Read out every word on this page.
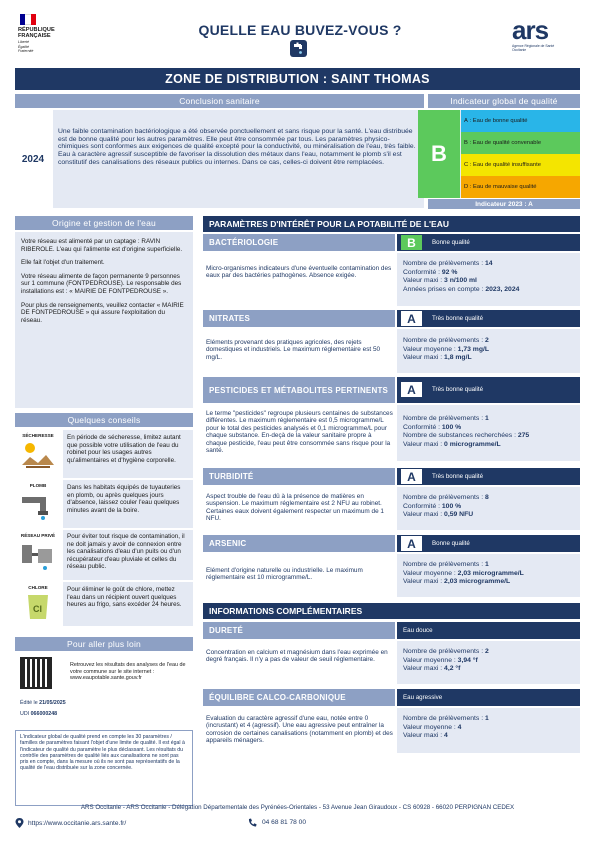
RÉPUBLIQUE
FRANÇAISE
Liberté
Égalité
Fraternité
QUELLE EAU BUVEZ-VOUS ?	ars
Agence Régionale de Santé
Occitanie
ZONE DE DISTRIBUTION : SAINT THOMAS
Conclusion sanitaire
2024
Une faible contamination bactériologique a été observée ponctuellement et sans risque pour la santé. L'eau distribuée est de bonne qualité pour les autres paramètres. Elle peut être consommée par tous. Les paramètres physico-chimiques sont conformes aux exigences de qualité excepté pour la conductivité, ou minéralisation de l'eau, très faible. Eau à caractère agressif susceptible de favoriser la dissolution des métaux dans l'eau, notamment le plomb s'il est constitutif des canalisations des réseaux publics ou internes. Dans ce cas, celles-ci doivent être remplacées.
Indicateur global de qualité
B
A : Eau de bonne qualité
B : Eau de qualité convenable
C : Eau de qualité insuffisante
D : Eau de mauvaise qualité
Indicateur 2023 : A
Origine et gestion de l'eau

Votre réseau est alimenté par un captage : RAVIN RIBEROLE. L'eau qui l'alimente est d'origine superficielle.

Elle fait l'objet d'un traitement.

Votre réseau alimente de façon permanente 9 personnes sur 1 commune (FONTPEDROUSE). Le responsable des installations est : « MAIRIE DE FONTPEDROUSE ».

Pour plus de renseignements, veuillez contacter « MAIRIE DE FONTPEDROUSE » qui assure l'exploitation du réseau.

Quelques conseils
SÉCHERESSE	En période de sécheresse, limitez autant que possible votre utilisation de l'eau du robinet pour les usages autres qu'alimentaires et d'hygiène corporelle.
PLOMB	Dans les habitats équipés de tuyauteries en plomb, ou après quelques jours d'absence, laissez couler l'eau quelques minutes avant de la boire.
RÉSEAU PRIVÉ	Pour éviter tout risque de contamination, il ne doit jamais y avoir de connexion entre les canalisations d'eau d'un puits ou d'un récupérateur d'eau pluviale et celles du réseau public.
CHLORE
Cl
Pour éliminer le goût de chlore, mettez l'eau dans un récipient ouvert quelques heures au frigo, sans excéder 24 heures.
Pour aller plus loin
Retrouvez les résultats des analyses de l'eau de votre commune sur le site internet : www.eaupotable.sante.gouv.fr
Édité le 21/05/2025
UDI 066000248
L'indicateur global de qualité prend en compte les 30 paramètres / familles de paramètres faisant l'objet d'une limite de qualité. Il est égal à l'indicateur de qualité du paramètre le plus déclassant. Les résultats du contrôle des paramètres de qualité liés aux canalisations ne sont pas pris en compte, dans la mesure où ils ne sont pas représentatifs de la qualité de l'eau distribuée sur la zone concernée.
PARAMÈTRES D'INTÉRÊT POUR LA POTABILITÉ DE L'EAU
BACTÉRIOLOGIE	B	Bonne qualité
Micro-organismes indicateurs d'une éventuelle contamination des eaux par des bactéries pathogènes. Absence exigée.
Nombre de prélèvements : 14
Conformité : 92 %
Valeur maxi : 3 n/100 ml
Années prises en compte : 2023, 2024
NITRATES	A	Très bonne qualité
Eléments provenant des pratiques agricoles, des rejets domestiques et industriels. Le maximum réglementaire est 50 mg/L.
Nombre de prélèvements : 2
Valeur moyenne : 1,73 mg/L
Valeur maxi : 1,8 mg/L
PESTICIDES ET MÉTABOLITES PERTINENTS	A	Très bonne qualité
Le terme "pesticides" regroupe plusieurs centaines de substances différentes. Le maximum réglementaire est 0,5 microgramme/L pour le total des pesticides analysés et 0,1 microgramme/L pour chaque substance. En-deçà de la valeur sanitaire propre à chaque pesticide, l'eau peut être consommée sans risque pour la santé.
Nombre de prélèvements : 1
Conformité : 100 %
Nombre de substances recherchées : 275
Valeur maxi : 0 microgramme/L
TURBIDITÉ	A	Très bonne qualité
Aspect trouble de l'eau dû à la présence de matières en suspension. Le maximum réglementaire est 2 NFU au robinet. Certaines eaux doivent également respecter un maximum de 1 NFU.
Nombre de prélèvements : 8
Conformité : 100 %
Valeur maxi : 0,59 NFU
ARSENIC	A	Bonne qualité
Elément d'origine naturelle ou industrielle. Le maximum réglementaire est 10 microgramme/L.
Nombre de prélèvements : 1
Valeur moyenne : 2,03 microgramme/L
Valeur maxi : 2,03 microgramme/L
INFORMATIONS COMPLÉMENTAIRES
DURETÉ	Eau douce
Concentration en calcium et magnésium dans l'eau exprimée en degré français. Il n'y a pas de valeur de seuil réglementaire.
Nombre de prélèvements : 2
Valeur moyenne : 3,94 °f
Valeur maxi : 4,2 °f
ÉQUILIBRE CALCO-CARBONIQUE	Eau agressive
Evaluation du caractère agressif d'une eau, notée entre 0 (incrustant) et 4 (agressif). Une eau agressive peut entraîner la corrosion de certaines canalisations (notamment en plomb) et des appareils ménagers.
Nombre de prélèvements : 1
Valeur moyenne : 4
Valeur maxi : 4
ARS Occitanie - ARS Occitanie - Délégation Départementale des Pyrénées-Orientales - 53 Avenue Jean Giraudoux - CS 60928 - 66020 PERPIGNAN CEDEX
https://www.occitanie.ars.sante.fr/	04 68 81 78 00
